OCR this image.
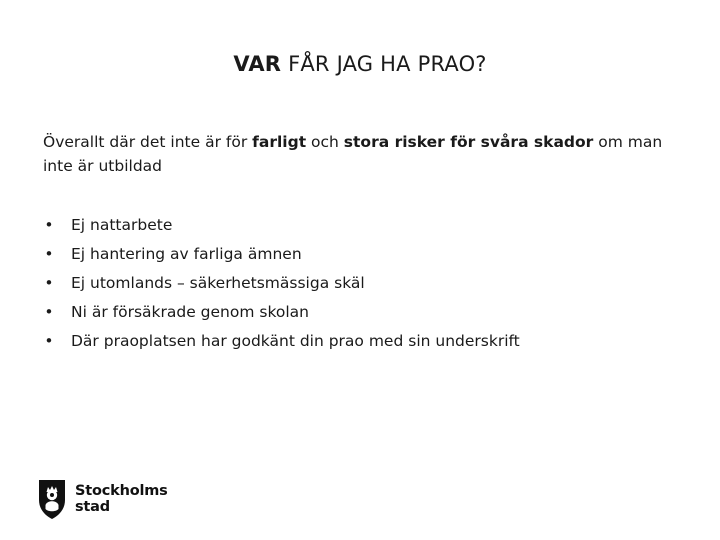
VAR FÅR JAG HA PRAO?
Överallt där det inte är för farligt och stora risker för svåra skador om man inte är utbildad
• Ej nattarbete
• Ej hantering av farliga ämnen
• Ej utomlands – säkerhetsmässiga skäl
• Ni är försäkrade genom skolan
• Där praoplatsen har godkänt din prao med sin underskrift
Stockholms
stad
